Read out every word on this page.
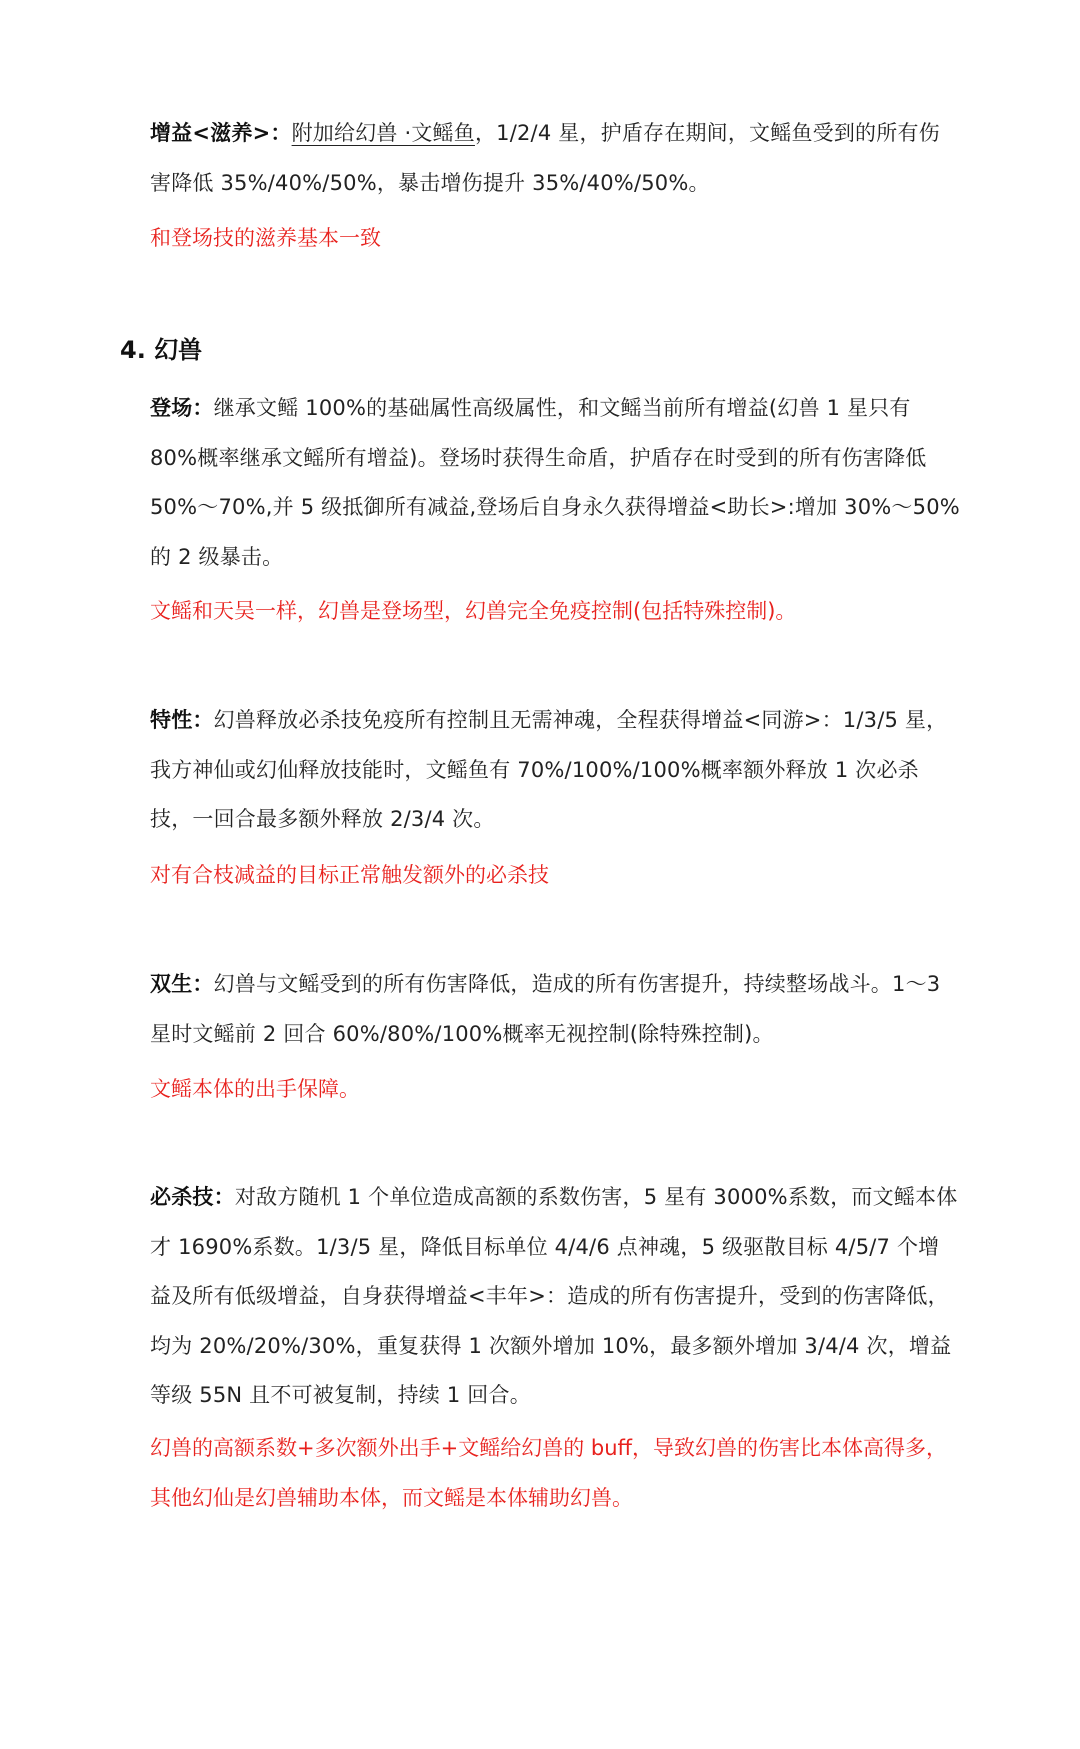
增益<滋养>：附加给幻兽 ·文鳐鱼，1/2/4 星，护盾存在期间，文鳐鱼受到的所有伤害降低 35%/40%/50%，暴击增伤提升 35%/40%/50%。

和登场技的滋养基本一致

4. 幻兽

登场：继承文鳐 100%的基础属性高级属性，和文鳐当前所有增益(幻兽 1 星只有 80%概率继承文鳐所有增益)。登场时获得生命盾，护盾存在时受到的所有伤害降低 50%～70%,并 5 级抵御所有减益,登场后自身永久获得增益<助长>:增加 30%～50%的 2 级暴击。

文鳐和天吴一样，幻兽是登场型，幻兽完全免疫控制(包括特殊控制)。

特性：幻兽释放必杀技免疫所有控制且无需神魂，全程获得增益<同游>：1/3/5 星，我方神仙或幻仙释放技能时，文鳐鱼有 70%/100%/100%概率额外释放 1 次必杀技，一回合最多额外释放 2/3/4 次。

对有合枝减益的目标正常触发额外的必杀技

双生：幻兽与文鳐受到的所有伤害降低，造成的所有伤害提升，持续整场战斗。1～3 星时文鳐前 2 回合 60%/80%/100%概率无视控制(除特殊控制)。

文鳐本体的出手保障。

必杀技：对敌方随机 1 个单位造成高额的系数伤害，5 星有 3000%系数，而文鳐本体才 1690%系数。1/3/5 星，降低目标单位 4/4/6 点神魂，5 级驱散目标 4/5/7 个增益及所有低级增益，自身获得增益<丰年>：造成的所有伤害提升，受到的伤害降低，均为 20%/20%/30%，重复获得 1 次额外增加 10%，最多额外增加 3/4/4 次，增益等级 55N 且不可被复制，持续 1 回合。

幻兽的高额系数+多次额外出手+文鳐给幻兽的 buff，导致幻兽的伤害比本体高得多，其他幻仙是幻兽辅助本体，而文鳐是本体辅助幻兽。
